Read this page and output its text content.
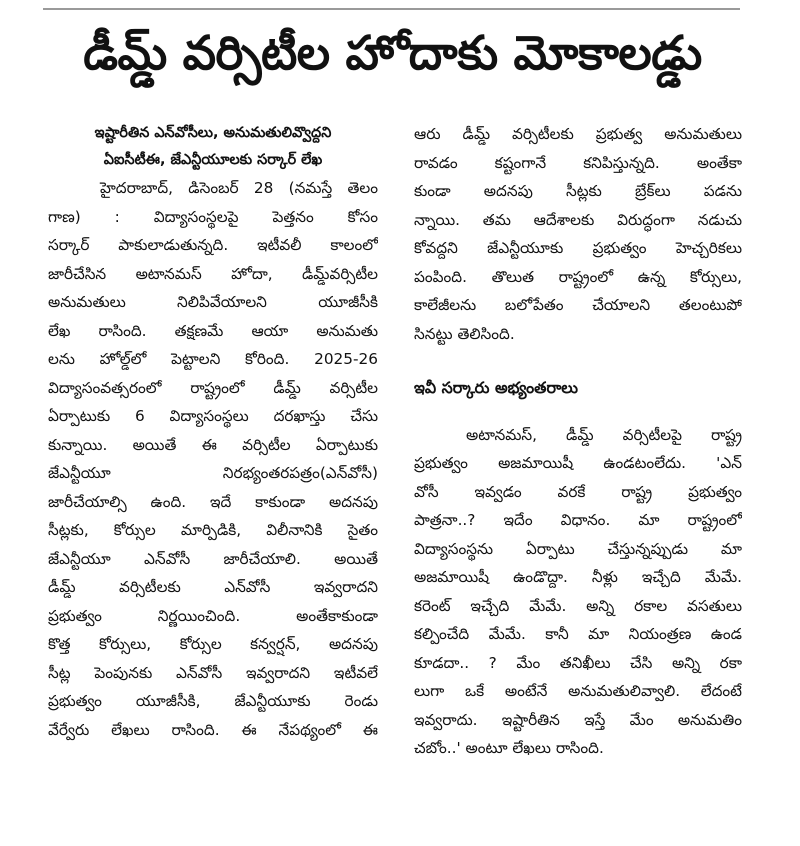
డీమ్డ్ వర్సిటీల హోదాకు మోకాలడ్డు
ఇష్టారీతిన ఎన్‌వోసీలు, అనుమతులివ్వొద్దని
ఏఐసీటీఈ, జేఎన్టీయూలకు సర్కార్ లేఖ
హైదరాబాద్, డిసెంబర్ 28 (నమస్తే తెలం
గాణ) : విద్యాసంస్థలపై పెత్తనం కోసం
సర్కార్ పాకులాడుతున్నది. ఇటీవలీ కాలంలో
జారీచేసిన అటానమస్ హోదా, డీమ్డ్‌వర్సిటీల
అనుమతులు నిలిపివేయాలని యూజీసీకి
లేఖ రాసింది. తక్షణమే ఆయా అనుమతు
లను హోల్డ్‌లో పెట్టాలని కోరింది. 2025-26
విద్యాసంవత్సరంలో రాష్ట్రంలో డీమ్డ్ వర్సిటీల
ఏర్పాటుకు 6 విద్యాసంస్థలు దరఖాస్తు చేసు
కున్నాయి. అయితే ఈ వర్సిటీల ఏర్పాటుకు
జేఎన్టీయూ నిరభ్యంతరపత్రం(ఎన్‌వోసీ)
జారీచేయాల్సి ఉంది. ఇదే కాకుండా అదనపు
సీట్లకు, కోర్సుల మార్పిడికి, విలీనానికి సైతం
జేఎన్టీయూ ఎన్‌వోసీ జారీచేయాలి. అయితే
డీమ్డ్ వర్సిటీలకు ఎన్‌వోసీ ఇవ్వరాదని
ప్రభుత్వం నిర్ణయించింది. అంతేకాకుండా
కొత్త కోర్సులు, కోర్సుల కన్వర్షన్, అదనపు
సీట్ల పెంపునకు ఎన్‌వోసీ ఇవ్వరాదని ఇటీవలే
ప్రభుత్వం యూజీసీకి, జేఎన్టీయూకు రెండు
వేర్వేరు లేఖలు రాసింది. ఈ నేపథ్యంలో ఈ
ఆరు డీమ్డ్ వర్సిటీలకు ప్రభుత్వ అనుమతులు
రావడం కష్టంగానే కనిపిస్తున్నది. అంతేకా
కుండా అదనపు సీట్లకు బ్రేక్‌లు పడను
న్నాయి. తమ ఆదేశాలకు విరుద్ధంగా నడుచు
కోవద్దని జేఎన్టీయూకు ప్రభుత్వం హెచ్చరికలు
పంపింది. తొలుత రాష్ట్రంలో ఉన్న కోర్సులు,
కాలేజీలను బలోపేతం చేయాలని తలంటుపో
సినట్టు తెలిసింది.
ఇవీ సర్కారు అభ్యంతరాలు
అటానమస్, డీమ్డ్ వర్సిటీలపై రాష్ట్ర
ప్రభుత్వం అజమాయిషీ ఉండటంలేదు. 'ఎన్
వోసీ ఇవ్వడం వరకే రాష్ట్ర ప్రభుత్వం
పాత్రనా..? ఇదేం విధానం. మా రాష్ట్రంలో
విద్యాసంస్థను ఏర్పాటు చేస్తున్నప్పుడు మా
అజమాయిషీ ఉండొద్దా. నీళ్లు ఇచ్చేది మేమే.
కరెంట్ ఇచ్చేది మేమే. అన్ని రకాల వసతులు
కల్పించేది మేమే. కానీ మా నియంత్రణ ఉండ
కూడదా.. ? మేం తనిఖీలు చేసి అన్ని రకా
లుగా ఒకే అంటేనే అనుమతులివ్వాలి. లేదంటే
ఇవ్వరాదు. ఇష్టారీతిన ఇస్తే మేం అనుమతిం
చబోం..' అంటూ లేఖలు రాసింది.
